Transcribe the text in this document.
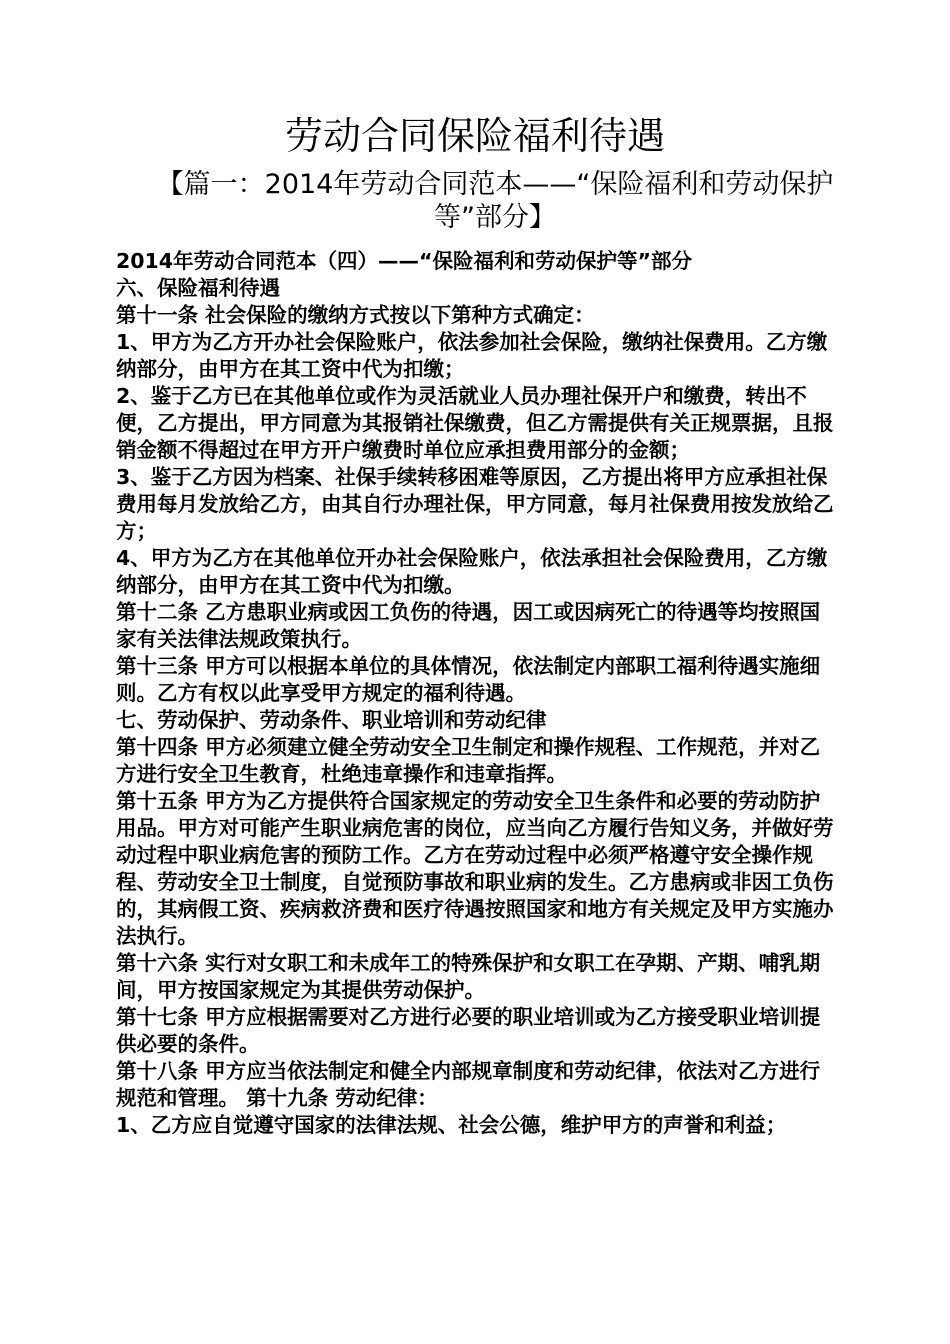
劳动合同保险福利待遇
【篇一：2014年劳动合同范本——“保险福利和劳动保护等”部分】

2014年劳动合同范本（四）——“保险福利和劳动保护等”部分

六、保险福利待遇

第十一条 社会保险的缴纳方式按以下第种方式确定：

1、甲方为乙方开办社会保险账户，依法参加社会保险，缴纳社保费用。乙方缴纳部分，由甲方在其工资中代为扣缴；

2、鉴于乙方已在其他单位或作为灵活就业人员办理社保开户和缴费，转出不便，乙方提出，甲方同意为其报销社保缴费，但乙方需提供有关正规票据，且报销金额不得超过在甲方开户缴费时单位应承担费用部分的金额；

3、鉴于乙方因为档案、社保手续转移困难等原因，乙方提出将甲方应承担社保费用每月发放给乙方，由其自行办理社保，甲方同意，每月社保费用按发放给乙方；

4、甲方为乙方在其他单位开办社会保险账户，依法承担社会保险费用，乙方缴纳部分，由甲方在其工资中代为扣缴。

第十二条 乙方患职业病或因工负伤的待遇，因工或因病死亡的待遇等均按照国家有关法律法规政策执行。

第十三条 甲方可以根据本单位的具体情况，依法制定内部职工福利待遇实施细则。乙方有权以此享受甲方规定的福利待遇。

七、劳动保护、劳动条件、职业培训和劳动纪律

第十四条 甲方必须建立健全劳动安全卫生制定和操作规程、工作规范，并对乙方进行安全卫生教育，杜绝违章操作和违章指挥。

第十五条 甲方为乙方提供符合国家规定的劳动安全卫生条件和必要的劳动防护用品。甲方对可能产生职业病危害的岗位，应当向乙方履行告知义务，并做好劳动过程中职业病危害的预防工作。乙方在劳动过程中必须严格遵守安全操作规程、劳动安全卫士制度，自觉预防事故和职业病的发生。乙方患病或非因工负伤的，其病假工资、疾病救济费和医疗待遇按照国家和地方有关规定及甲方实施办法执行。

第十六条 实行对女职工和未成年工的特殊保护和女职工在孕期、产期、哺乳期间，甲方按国家规定为其提供劳动保护。

第十七条 甲方应根据需要对乙方进行必要的职业培训或为乙方接受职业培训提供必要的条件。

第十八条 甲方应当依法制定和健全内部规章制度和劳动纪律，依法对乙方进行规范和管理。 第十九条 劳动纪律：

1、乙方应自觉遵守国家的法律法规、社会公德，维护甲方的声誉和利益；
